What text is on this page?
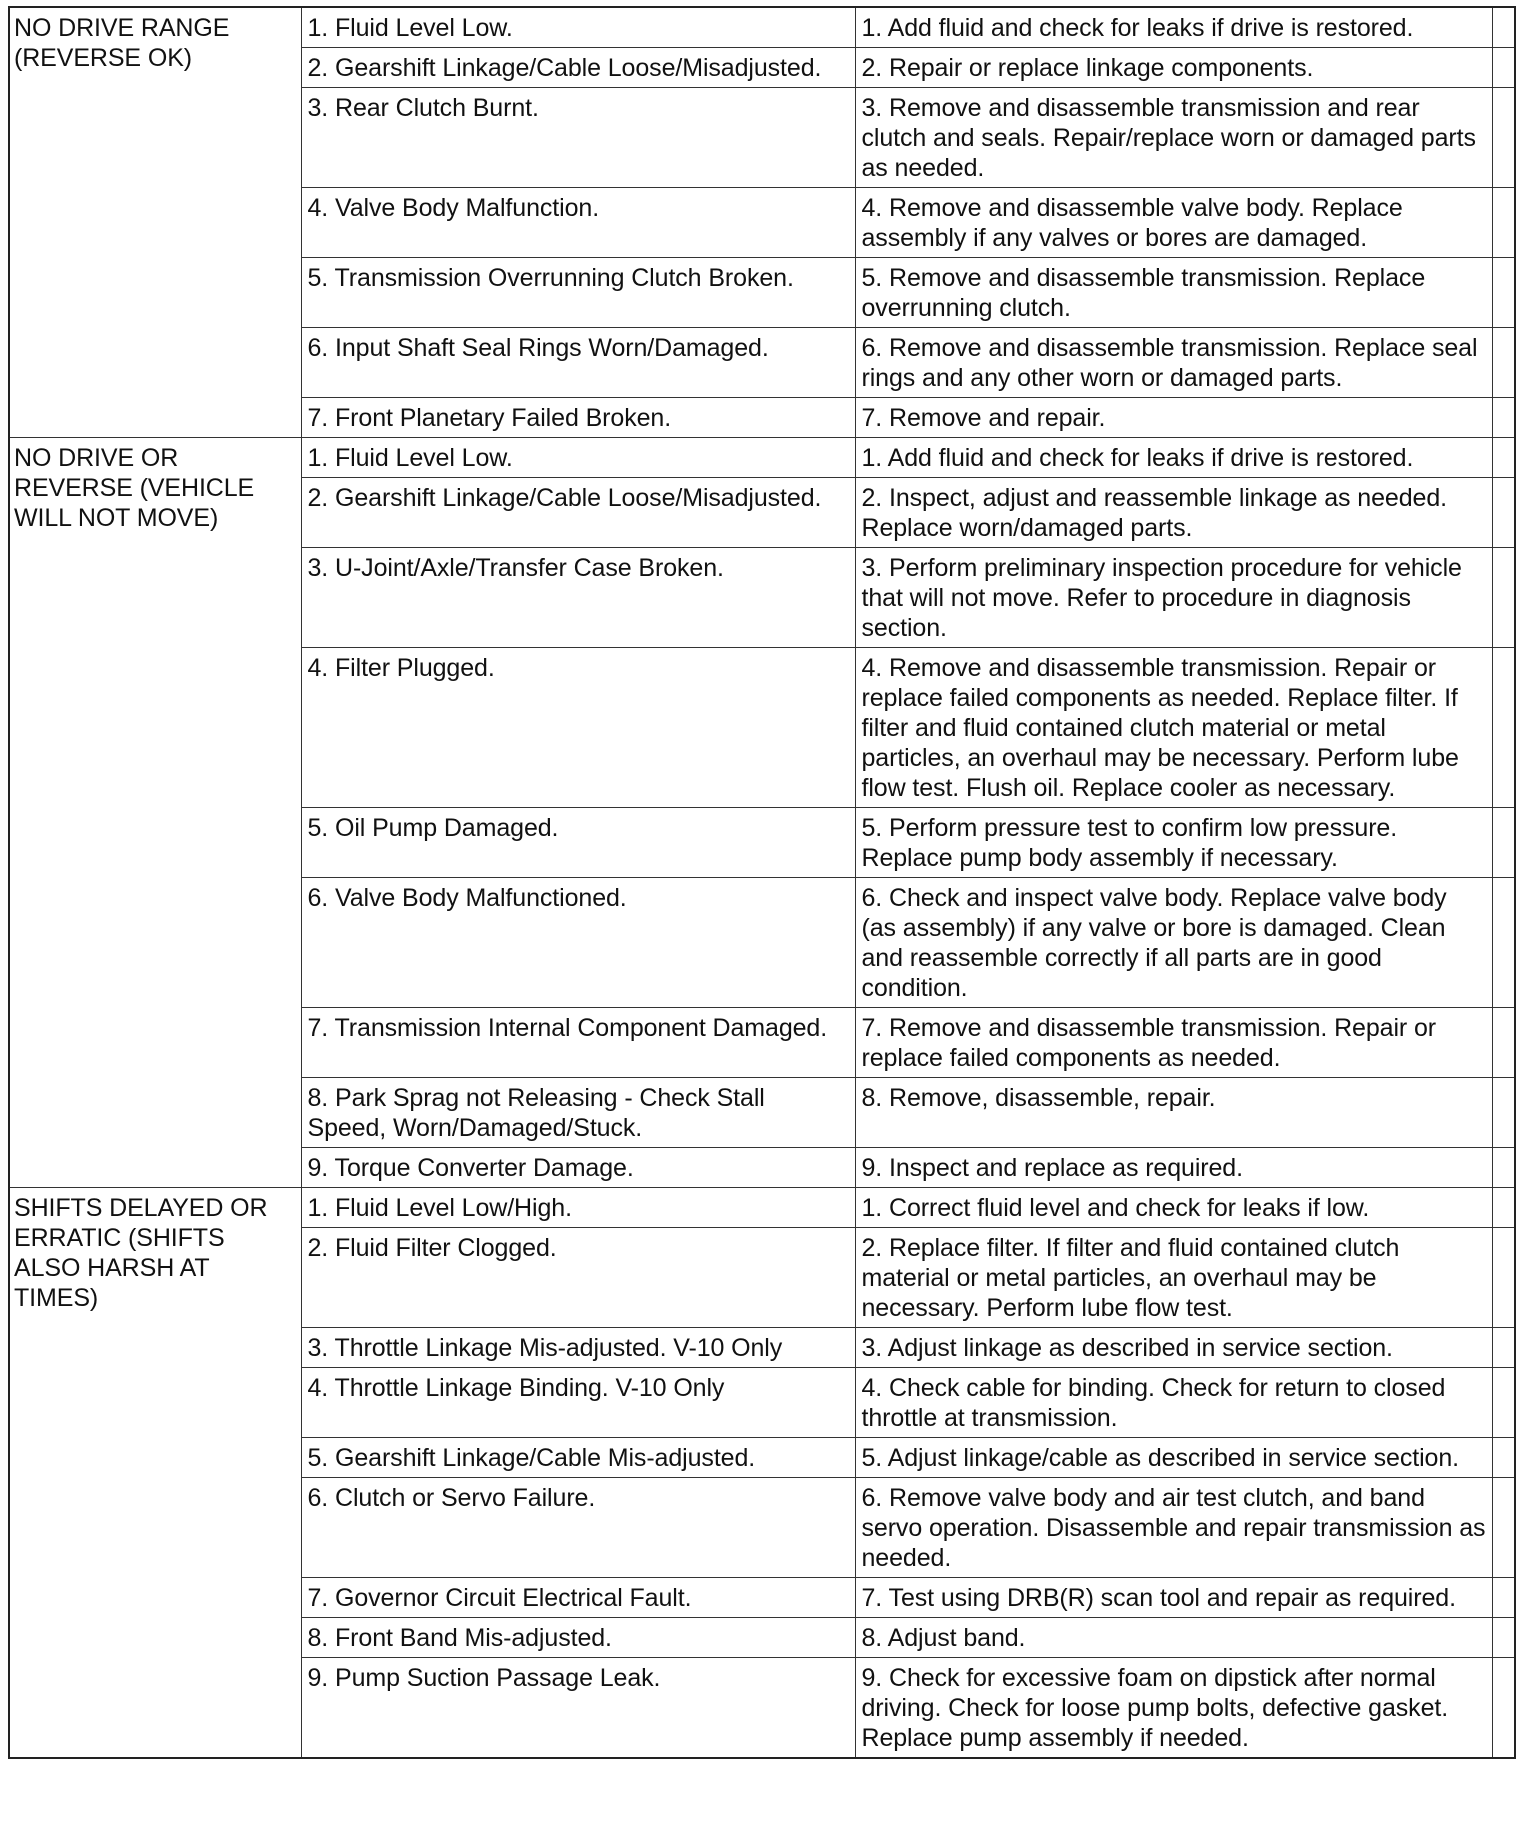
NO DRIVE RANGE (REVERSE OK)	1. Fluid Level Low.	1. Add fluid and check for leaks if drive is restored.	
	2. Gearshift Linkage/Cable Loose/Misadjusted.	2. Repair or replace linkage components.	
	3. Rear Clutch Burnt.	3. Remove and disassemble transmission and rear clutch and seals. Repair/replace worn or damaged parts as needed.	
	4. Valve Body Malfunction.	4. Remove and disassemble valve body. Replace assembly if any valves or bores are damaged.	
	5. Transmission Overrunning Clutch Broken.	5. Remove and disassemble transmission. Replace overrunning clutch.	
	6. Input Shaft Seal Rings Worn/Damaged.	6. Remove and disassemble transmission. Replace seal rings and any other worn or damaged parts.	
	7. Front Planetary Failed Broken.	7. Remove and repair.	
NO DRIVE OR REVERSE (VEHICLE WILL NOT MOVE)	1. Fluid Level Low.	1. Add fluid and check for leaks if drive is restored.	
	2. Gearshift Linkage/Cable Loose/Misadjusted.	2. Inspect, adjust and reassemble linkage as needed. Replace worn/damaged parts.	
	3. U-Joint/Axle/Transfer Case Broken.	3. Perform preliminary inspection procedure for vehicle that will not move. Refer to procedure in diagnosis section.	
	4. Filter Plugged.	4. Remove and disassemble transmission. Repair or replace failed components as needed. Replace filter. If filter and fluid contained clutch material or metal particles, an overhaul may be necessary. Perform lube flow test. Flush oil. Replace cooler as necessary.	
	5. Oil Pump Damaged.	5. Perform pressure test to confirm low pressure. Replace pump body assembly if necessary.	
	6. Valve Body Malfunctioned.	6. Check and inspect valve body. Replace valve body (as assembly) if any valve or bore is damaged. Clean and reassemble correctly if all parts are in good condition.	
	7. Transmission Internal Component Damaged.	7. Remove and disassemble transmission. Repair or replace failed components as needed.	
	8. Park Sprag not Releasing - Check Stall Speed, Worn/Damaged/Stuck.	8. Remove, disassemble, repair.	
	9. Torque Converter Damage.	9. Inspect and replace as required.	
SHIFTS DELAYED OR ERRATIC (SHIFTS ALSO HARSH AT TIMES)	1. Fluid Level Low/High.	1. Correct fluid level and check for leaks if low.	
	2. Fluid Filter Clogged.	2. Replace filter. If filter and fluid contained clutch material or metal particles, an overhaul may be necessary. Perform lube flow test.	
	3. Throttle Linkage Mis-adjusted. V-10 Only	3. Adjust linkage as described in service section.	
	4. Throttle Linkage Binding. V-10 Only	4. Check cable for binding. Check for return to closed throttle at transmission.	
	5. Gearshift Linkage/Cable Mis-adjusted.	5. Adjust linkage/cable as described in service section.	
	6. Clutch or Servo Failure.	6. Remove valve body and air test clutch, and band servo operation. Disassemble and repair transmission as needed.	
	7. Governor Circuit Electrical Fault.	7. Test using DRB(R) scan tool and repair as required.	
	8. Front Band Mis-adjusted.	8. Adjust band.	
	9. Pump Suction Passage Leak.	9. Check for excessive foam on dipstick after normal driving. Check for loose pump bolts, defective gasket. Replace pump assembly if needed.	
